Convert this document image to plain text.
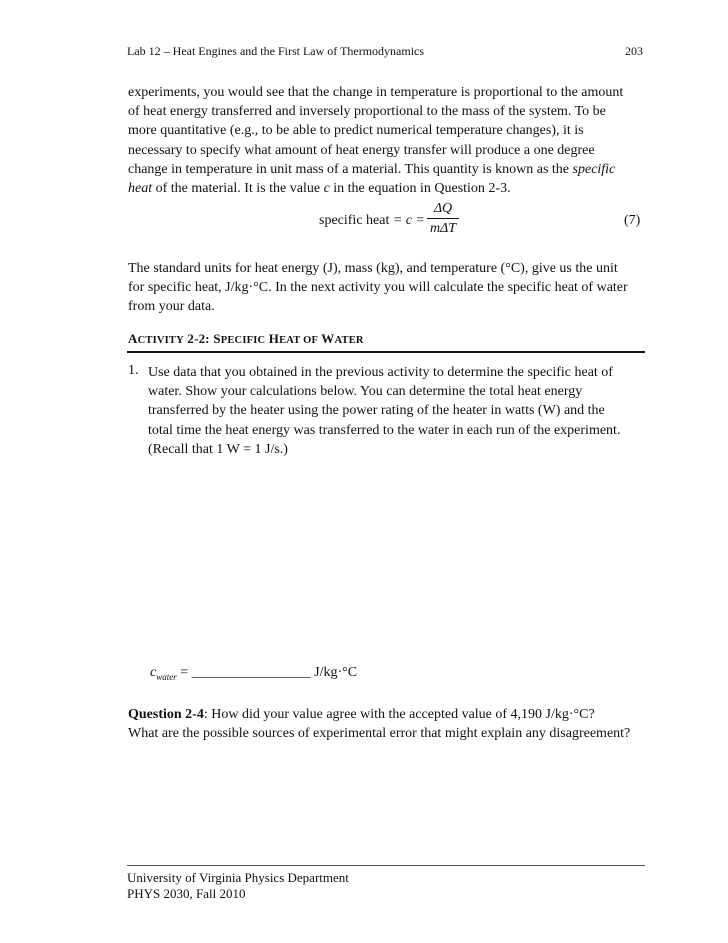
Lab 12 – Heat Engines and the First Law of Thermodynamics	203
experiments, you would see that the change in temperature is proportional to the amount
of heat energy transferred and inversely proportional to the mass of the system. To be
more quantitative (e.g., to be able to predict numerical temperature changes), it is
necessary to specify what amount of heat energy transfer will produce a one degree
change in temperature in unit mass of a material. This quantity is known as the specific
heat of the material. It is the value c in the equation in Question 2-3.
specific heat = c =
ΔQ
mΔT
(7)
The standard units for heat energy (J), mass (kg), and temperature (°C), give us the unit
for specific heat, J/kg·°C. In the next activity you will calculate the specific heat of water
from your data.
ACTIVITY 2-2: SPECIFIC HEAT OF WATER
1. Use data that you obtained in the previous activity to determine the specific heat of
water. Show your calculations below. You can determine the total heat energy
transferred by the heater using the power rating of the heater in watts (W) and the
total time the heat energy was transferred to the water in each run of the experiment.
(Recall that 1 W = 1 J/s.)
$c_{water}$ = _________________ J/kg·°C
Question 2-4: How did your value agree with the accepted value of 4,190 J/kg·°C?
What are the possible sources of experimental error that might explain any disagreement?
University of Virginia Physics Department
PHYS 2030, Fall 2010
